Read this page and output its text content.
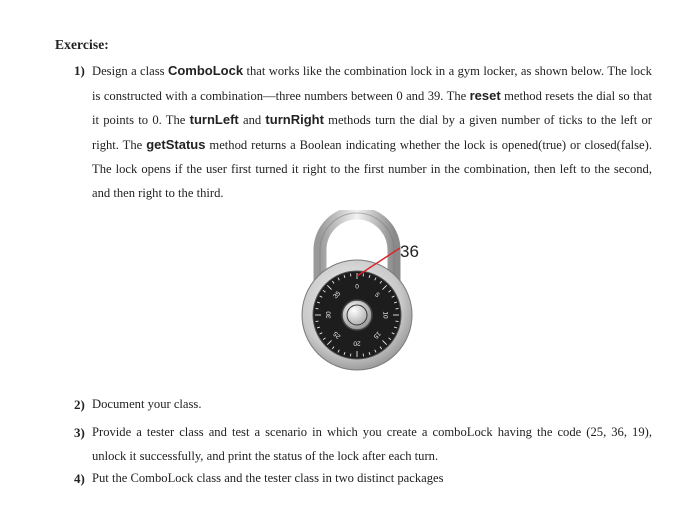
Exercise:
1) Design a class ComboLock that works like the combination lock in a gym locker, as shown below. The lock is constructed with a combination—three numbers between 0 and 39. The reset method resets the dial so that it points to 0. The turnLeft and turnRight methods turn the dial by a given number of ticks to the left or right. The getStatus method returns a Boolean indicating whether the lock is opened(true) or closed(false). The lock opens if the user first turned it right to the first number in the combination, then left to the second, and then right to the third.
0
5
10
15
20
25
30
35
36
2) Document your class.
3) Provide a tester class and test a scenario in which you create a comboLock having the code (25, 36, 19), unlock it successfully, and print the status of the lock after each turn.
4) Put the ComboLock class and the tester class in two distinct packages
